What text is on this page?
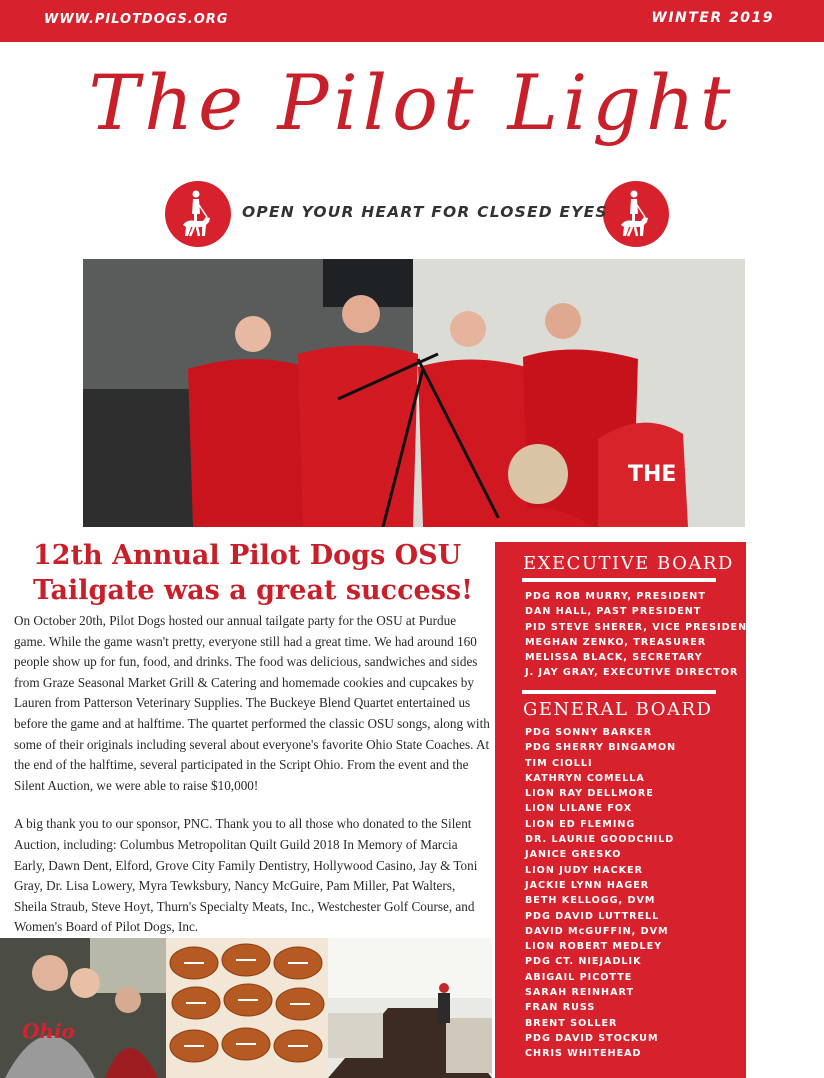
WWW.PILOTDOGS.ORG	WINTER 2019
The Pilot Light
OPEN YOUR HEART FOR CLOSED EYES
THE
12th Annual Pilot Dogs OSU Tailgate was a great success!

On October 20th, Pilot Dogs hosted our annual tailgate party for the OSU at Purdue game. While the game wasn't pretty, everyone still had a great time. We had around 160 people show up for fun, food, and drinks. The food was delicious, sandwiches and sides from Graze Seasonal Market Grill & Catering and homemade cookies and cupcakes by Lauren from Patterson Veterinary Supplies. The Buckeye Blend Quartet entertained us before the game and at halftime. The quartet performed the classic OSU songs, along with some of their originals including several about everyone's favorite Ohio State Coaches. At the end of the halftime, several participated in the Script Ohio. From the event and the Silent Auction, we were able to raise $10,000!

A big thank you to our sponsor, PNC. Thank you to all those who donated to the Silent Auction, including: Columbus Metropolitan Quilt Guild 2018 In Memory of Marcia Early, Dawn Dent, Elford, Grove City Family Dentistry, Hollywood Casino, Jay & Toni Gray, Dr. Lisa Lowery, Myra Tewksbury, Nancy McGuire, Pam Miller, Pat Walters, Sheila Straub, Steve Hoyt, Thurn's Specialty Meats, Inc., Westchester Golf Course, and Women's Board of Pilot Dogs, Inc.

Ohio
EXECUTIVE BOARD
PDG ROB MURRY, PRESIDENT
DAN HALL, PAST PRESIDENT
PID STEVE SHERER, VICE PRESIDENT
MEGHAN ZENKO, TREASURER
MELISSA BLACK, SECRETARY
J. JAY GRAY, EXECUTIVE DIRECTOR
GENERAL BOARD
PDG SONNY BARKER
PDG SHERRY BINGAMON
TIM CIOLLI
KATHRYN COMELLA
LION RAY DELLMORE
LION LILANE FOX
LION ED FLEMING
DR. LAURIE GOODCHILD
JANICE GRESKO
LION JUDY HACKER
JACKIE LYNN HAGER
BETH KELLOGG, DVM
PDG DAVID LUTTRELL
DAVID McGUFFIN, DVM
LION ROBERT MEDLEY
PDG CT. NIEJADLIK
ABIGAIL PICOTTE
SARAH REINHART
FRAN RUSS
BRENT SOLLER
PDG DAVID STOCKUM
CHRIS WHITEHEAD
